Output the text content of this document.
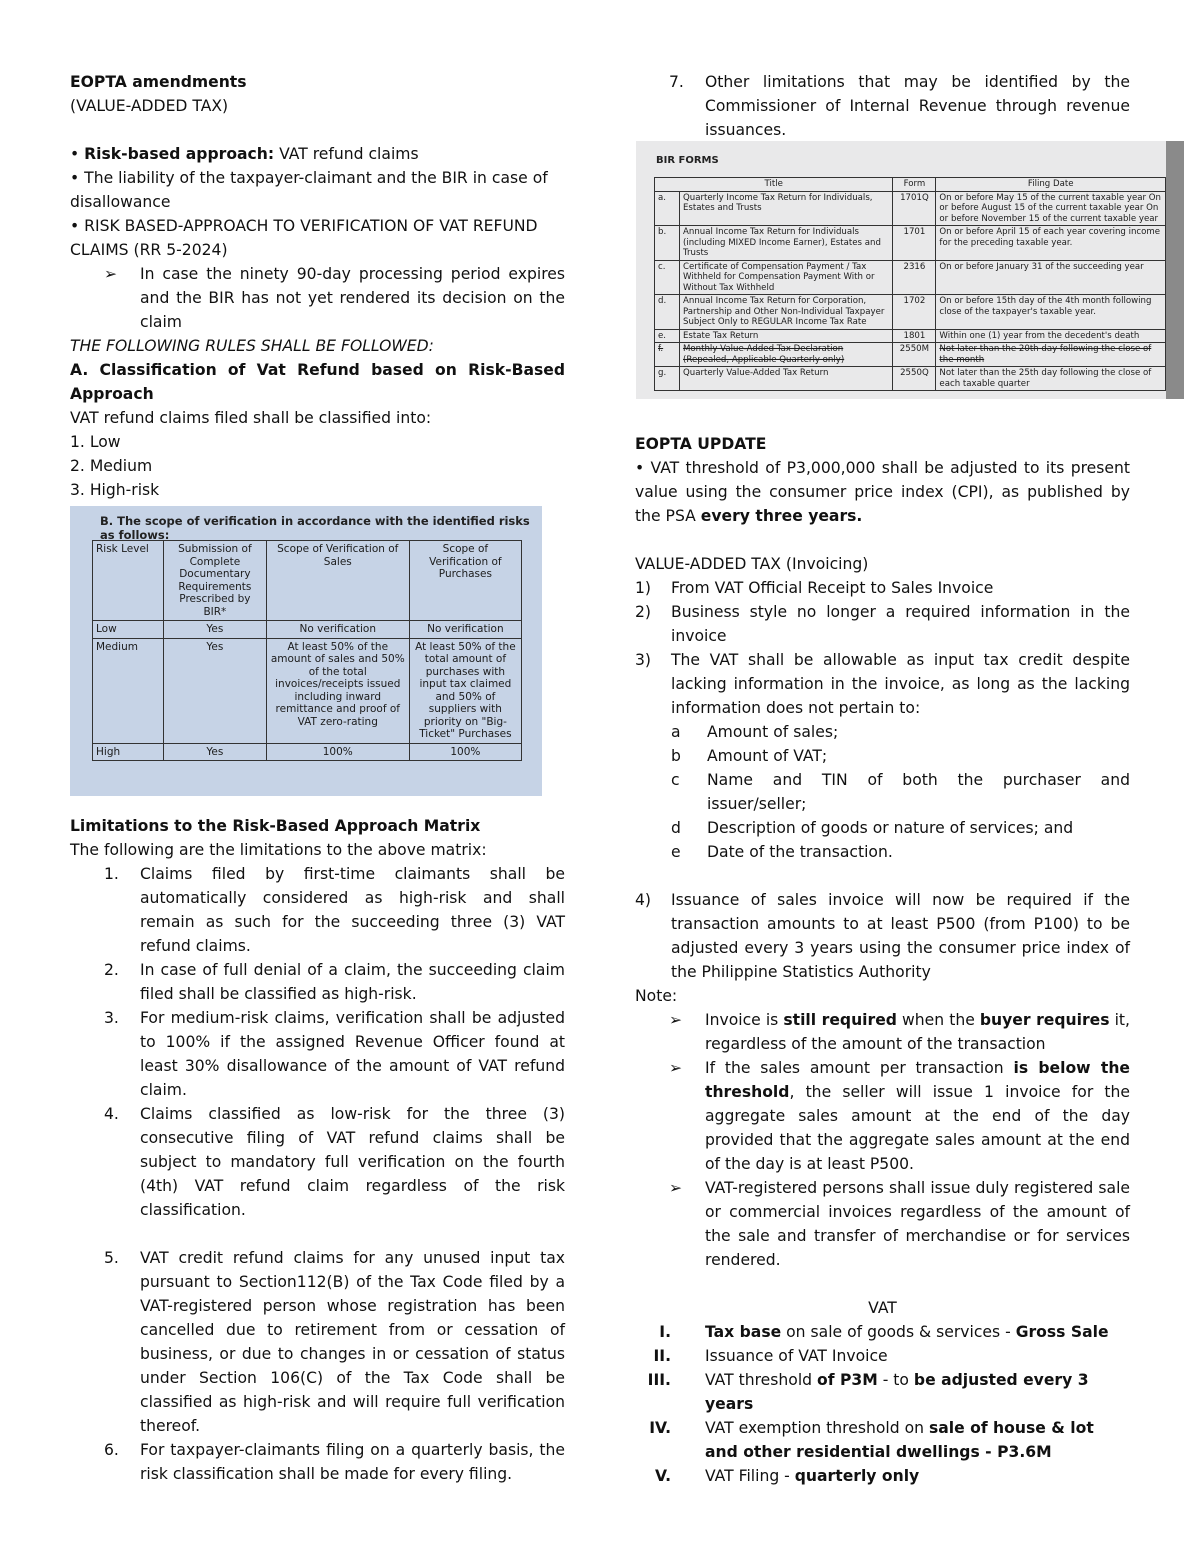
EOPTA amendments

(VALUE-ADDED TAX)

• Risk-based approach: VAT refund claims

• The liability of the taxpayer-claimant and the BIR in case of disallowance

• RISK BASED-APPROACH TO VERIFICATION OF VAT REFUND CLAIMS (RR 5-2024)

➢	In case the ninety 90-day processing period expires and the BIR has not yet rendered its decision on the claim

THE FOLLOWING RULES SHALL BE FOLLOWED:

A. Classification of Vat Refund based on Risk-Based Approach

VAT refund claims filed shall be classified into:

1. Low

2. Medium

3. High-risk

B. The scope of verification in accordance with the identified risks as follows:
Risk Level	Submission of Complete Documentary Requirements Prescribed by BIR*	Scope of Verification of Sales	Scope of Verification of Purchases
Low	Yes	No verification	No verification
Medium	Yes	At least 50% of the amount of sales and 50% of the total invoices/receipts issued including inward remittance and proof of VAT zero-rating	At least 50% of the total amount of purchases with input tax claimed and 50% of suppliers with priority on "Big-Ticket" Purchases
High	Yes	100%	100%

Limitations to the Risk-Based Approach Matrix

The following are the limitations to the above matrix:

1.	Claims filed by first-time claimants shall be automatically considered as high-risk and shall remain as such for the succeeding three (3) VAT refund claims.
2.	In case of full denial of a claim, the succeeding claim filed shall be classified as high-risk.
3.	For medium-risk claims, verification shall be adjusted to 100% if the assigned Revenue Officer found at least 30% disallowance of the amount of VAT refund claim.
4.	Claims classified as low-risk for the three (3) consecutive filing of VAT refund claims shall be subject to mandatory full verification on the fourth (4th) VAT refund claim regardless of the risk classification.
5.	VAT credit refund claims for any unused input tax pursuant to Section112(B) of the Tax Code filed by a VAT-registered person whose registration has been cancelled due to retirement from or cessation of business, or due to changes in or cessation of status under Section 106(C) of the Tax Code shall be classified as high-risk and will require full verification thereof.
6.	For taxpayer-claimants filing on a quarterly basis, the risk classification shall be made for every filing.
7.	Other limitations that may be identified by the Commissioner of Internal Revenue through revenue issuances.
BIR FORMS
Title		Form	Filing Date
a.	Quarterly Income Tax Return for Individuals, Estates and Trusts	1701Q	On or before May 15 of the current taxable year On or before August 15 of the current taxable year On or before November 15 of the current taxable year
b.	Annual Income Tax Return for Individuals (including MIXED Income Earner), Estates and Trusts	1701	On or before April 15 of each year covering income for the preceding taxable year.
c.	Certificate of Compensation Payment / Tax Withheld for Compensation Payment With or Without Tax Withheld	2316	On or before January 31 of the succeeding year
d.	Annual Income Tax Return for Corporation, Partnership and Other Non-Individual Taxpayer Subject Only to REGULAR Income Tax Rate	1702	On or before 15th day of the 4th month following close of the taxpayer's taxable year.
e.	Estate Tax Return	1801	Within one (1) year from the decedent's death
f.	Monthly Value-Added Tax Declaration (Repealed, Applicable Quarterly only)	2550M	Not later than the 20th day following the close of the month
g.	Quarterly Value-Added Tax Return	2550Q	Not later than the 25th day following the close of each taxable quarter

EOPTA UPDATE

• VAT threshold of P3,000,000 shall be adjusted to its present value using the consumer price index (CPI), as published by the PSA every three years.

VALUE-ADDED TAX (Invoicing)

1)	From VAT Official Receipt to Sales Invoice
2)	Business style no longer a required information in the invoice
3)	The VAT shall be allowable as input tax credit despite lacking information in the invoice, as long as the lacking information does not pertain to:
a	Amount of sales;
b	Amount of VAT;
c	Name and TIN of both the purchaser and issuer/seller;
d	Description of goods or nature of services; and
e	Date of the transaction.
4)	Issuance of sales invoice will now be required if the transaction amounts to at least P500 (from P100) to be adjusted every 3 years using the consumer price index of the Philippine Statistics Authority

Note:

➢	Invoice is still required when the buyer requires it, regardless of the amount of the transaction
➢	If the sales amount per transaction is below the threshold, the seller will issue 1 invoice for the aggregate sales amount at the end of the day provided that the aggregate sales amount at the end of the day is at least P500.
➢	VAT-registered persons shall issue duly registered sale or commercial invoices regardless of the amount of the sale and transfer of merchandise or for services rendered.

VAT

I. Tax base on sale of goods & services - Gross Sale
II. Issuance of VAT Invoice
III. VAT threshold of P3M - to be adjusted every 3 years
IV. VAT exemption threshold on sale of house & lot and other residential dwellings - P3.6M
V. VAT Filing - quarterly only
